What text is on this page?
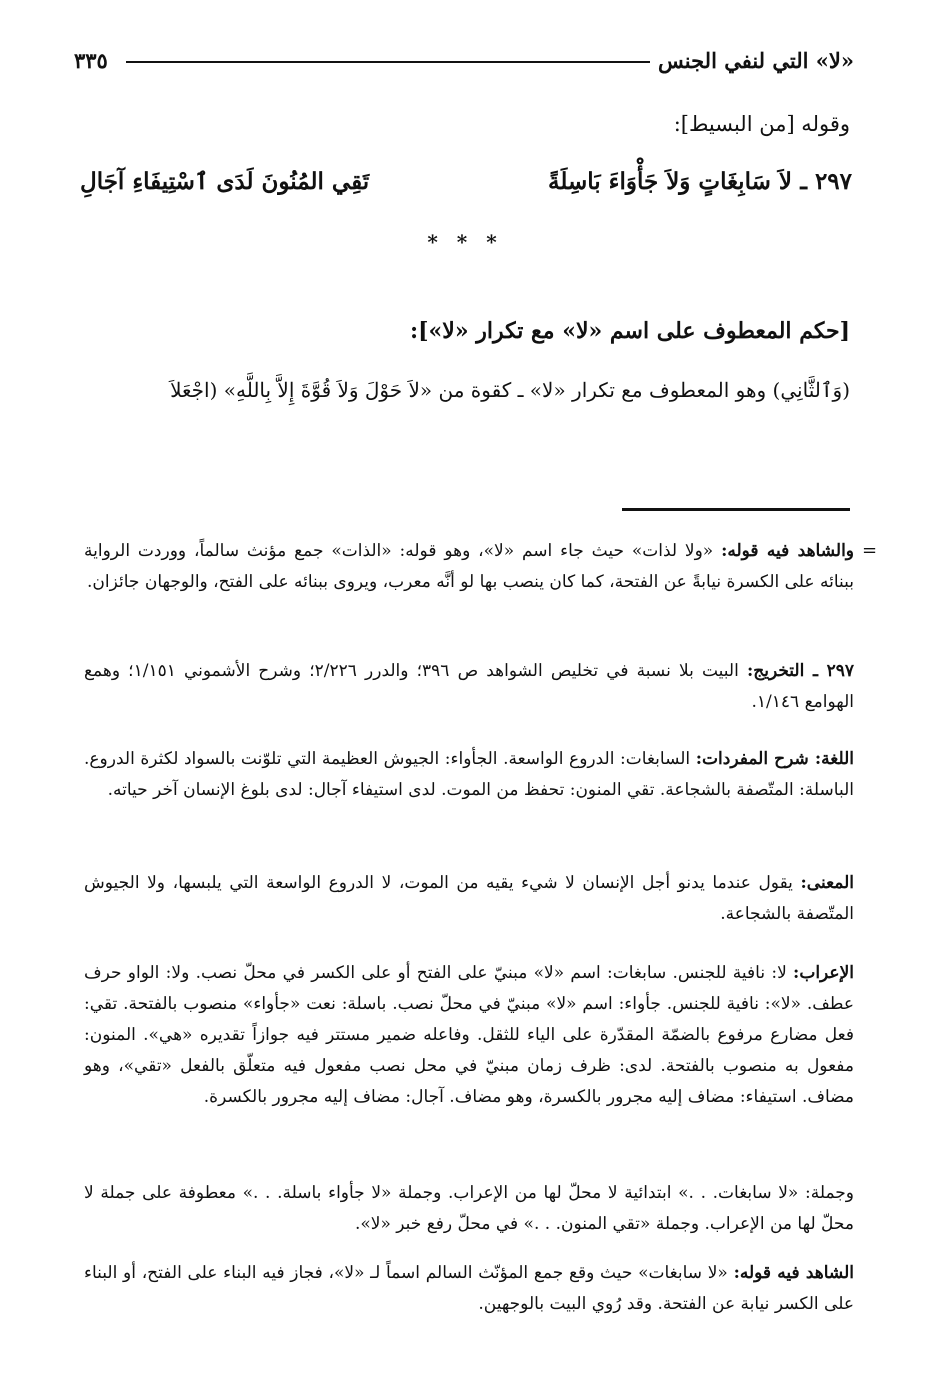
٣٣٥	«لا» التي لنفي الجنس
وقوله [من البسيط]:
٢٩٧ ـ
لاَ سَابِغَاتٍ وَلاَ جَأْوَاءَ بَاسِلَةً
تَقِي المُنُونَ لَدَى ٱسْتِيفَاءِ آجَالِ
* * *
[حكم المعطوف على اسم «لا» مع تكرار «لا»]:
(وَٱلثَّانِي) وهو المعطوف مع تكرار «لا» ـ كقوة من «لاَ حَوْلَ وَلاَ قُوَّةَ إِلاَّ بِاللَّهِ» (اجْعَلاَ
=
والشاهد فيه قوله: «ولا لذات» حيث جاء اسم «لا»، وهو قوله: «الذات» جمع مؤنث سالماً، ووردت الرواية ببنائه على الكسرة نيابةً عن الفتحة، كما كان ينصب بها لو أنَّه معرب، ويروى ببنائه على الفتح، والوجهان جائزان.
٢٩٧ ـ التخريج: البيت بلا نسبة في تخليص الشواهد ص ٣٩٦؛ والدرر ٢/٢٢٦؛ وشرح الأشموني ١/١٥١؛ وهمع الهوامع ١/١٤٦.
اللغة: شرح المفردات: السابغات: الدروع الواسعة. الجأواء: الجيوش العظيمة التي تلوّنت بالسواد لكثرة الدروع. الباسلة: المتّصفة بالشجاعة. تقي المنون: تحفظ من الموت. لدى استيفاء آجال: لدى بلوغ الإنسان آخر حياته.
المعنى: يقول عندما يدنو أجل الإنسان لا شيء يقيه من الموت، لا الدروع الواسعة التي يلبسها، ولا الجيوش المتّصفة بالشجاعة.
الإعراب: لا: نافية للجنس. سابغات: اسم «لا» مبنيّ على الفتح أو على الكسر في محلّ نصب. ولا: الواو حرف عطف. «لا»: نافية للجنس. جأواء: اسم «لا» مبنيّ في محلّ نصب. باسلة: نعت «جأواء» منصوب بالفتحة. تقي: فعل مضارع مرفوع بالضمّة المقدّرة على الياء للثقل. وفاعله ضمير مستتر فيه جوازاً تقديره «هي». المنون: مفعول به منصوب بالفتحة. لدى: ظرف زمان مبنيّ في محل نصب مفعول فيه متعلّق بالفعل «تقي»، وهو مضاف. استيفاء: مضاف إليه مجرور بالكسرة، وهو مضاف. آجال: مضاف إليه مجرور بالكسرة.
وجملة: «لا سابغات. . .» ابتدائية لا محلّ لها من الإعراب. وجملة «لا جأواء باسلة. . .» معطوفة على جملة لا محلّ لها من الإعراب. وجملة «تقي المنون. . .» في محلّ رفع خبر «لا».
الشاهد فيه قوله: «لا سابغات» حيث وقع جمع المؤنّث السالم اسماً لـ «لا»، فجاز فيه البناء على الفتح، أو البناء على الكسر نيابة عن الفتحة. وقد رُوي البيت بالوجهين.
